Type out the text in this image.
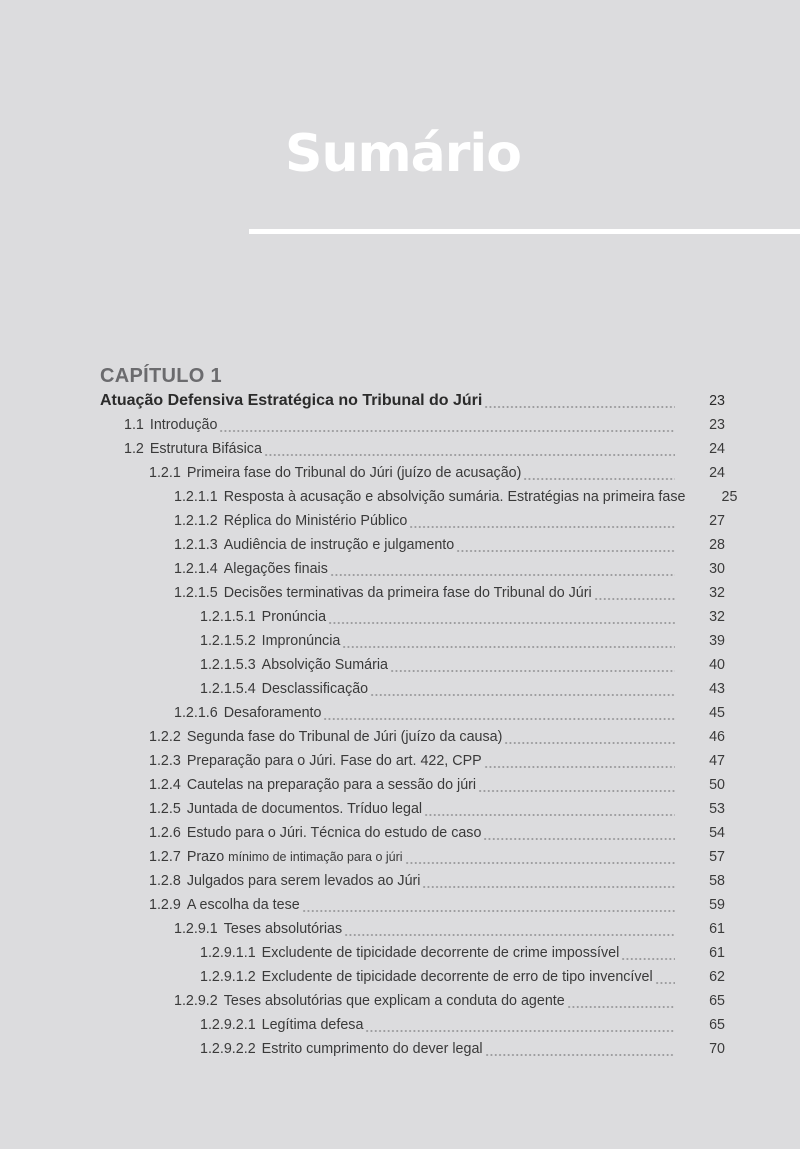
Sumário
CAPÍTULO 1
Atuação Defensiva Estratégica no Tribunal do Júri	23
1.1 Introdução	23
1.2 Estrutura Bifásica	24
1.2.1 Primeira fase do Tribunal do Júri (juízo de acusação)	24
1.2.1.1 Resposta à acusação e absolvição sumária. Estratégias na primeira fase	25
1.2.1.2 Réplica do Ministério Público	27
1.2.1.3 Audiência de instrução e julgamento	28
1.2.1.4 Alegações finais	30
1.2.1.5 Decisões terminativas da primeira fase do Tribunal do Júri	32
1.2.1.5.1 Pronúncia	32
1.2.1.5.2 Impronúncia	39
1.2.1.5.3 Absolvição Sumária	40
1.2.1.5.4 Desclassificação	43
1.2.1.6 Desaforamento	45
1.2.2 Segunda fase do Tribunal de Júri (juízo da causa)	46
1.2.3 Preparação para o Júri. Fase do art. 422, CPP	47
1.2.4 Cautelas na preparação para a sessão do júri	50
1.2.5 Juntada de documentos. Tríduo legal	53
1.2.6 Estudo para o Júri. Técnica do estudo de caso	54
1.2.7 Prazo mínimo de intimação para o júri	57
1.2.8 Julgados para serem levados ao Júri	58
1.2.9 A escolha da tese	59
1.2.9.1 Teses absolutórias	61
1.2.9.1.1 Excludente de tipicidade decorrente de crime impossível	61
1.2.9.1.2 Excludente de tipicidade decorrente de erro de tipo invencível	62
1.2.9.2 Teses absolutórias que explicam a conduta do agente	65
1.2.9.2.1 Legítima defesa	65
1.2.9.2.2 Estrito cumprimento do dever legal	70
